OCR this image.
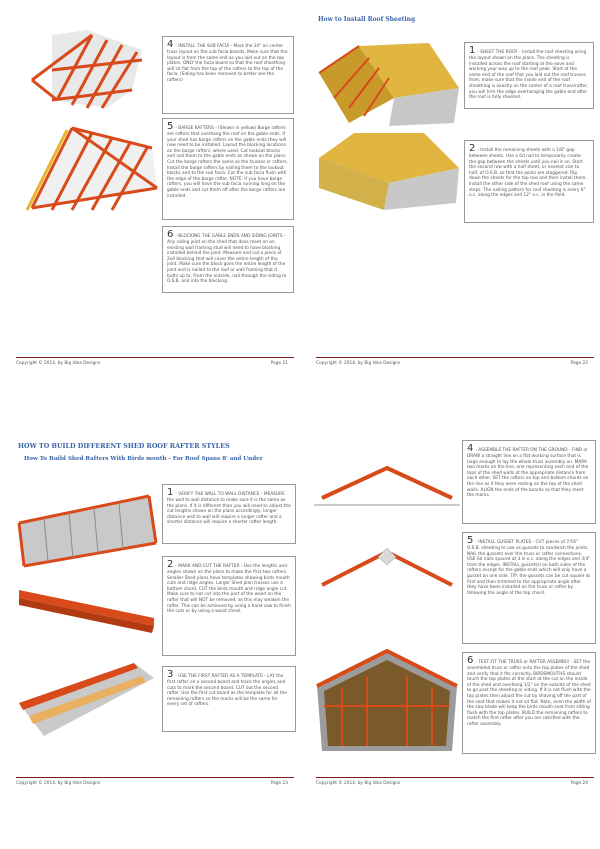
4 - INSTALL THE SUB FACIA - Mark the 24" on center truss layout on the sub facia boards. Make sure that the layout is from the same end as you laid out on the top plates. ONLY the facia board so that the roof sheathing will sit flat from the top of the rafters to the top of the facia. (Siding has been removed to better see the rafters)
5 - BARGE RAFTERS - (Shown in yellow) Barge rafters are rafters that overhang the roof on the gable ends. If your shed has barge rafters on the gable ends they will now need to be installed. Layout the blocking locations on the barge rafters, where used. Cut lookout blocks and nail them to the gable ends as shown on the plans. Cut the barge rafters the same as the trusses or rafters. Install the barge rafters by nailing them to the lookout blocks and to the sub facia. Cut the sub facia flush with the edge of the barge rafter. NOTE: If you have barge rafters, you will have the sub facia running long on the gable ends and cut them off after the barge rafters are installed.
6 - BLOCKING THE GABLE ENDS AND SIDING JOINTS - Any siding joint on the shed that does meet on an existing wall framing stud will need to have blocking installed behind the joint. Measure and cut a piece of 2x4 blocking that will cover the entire length of the joint. Make sure the block goes the entire length of the joint and is nailed to the roof or wall framing that it butts up to. From the outside, nail through the siding to O.S.B. and into the blocking.
Copyright © 2014, by Big Idea Designs	Page 21
How to Install Roof Sheeting
1 - SHEET THE ROOF - Install the roof sheeting using the layout shown on the plans. The sheeting is installed across the roof starting at the eave and working your way up to the roof peak. Start at the same end of the roof that you laid out the roof trusses from, make sure that the inside end of the roof sheathing is exactly on the center of a roof truss/rafter, you will trim the edge overhanging the gable end after the roof is fully sheeted.
2 - Install the remaining sheets with a 1/8" gap between sheets. Use a 6d nail to temporarily create the gap between the sheets until you nail it on. Start the second row with a half sheet, or nearest size to half, of O.S.B. so that the joints are staggered. Rip down the sheets for the top row and then install them. Install the other side of the shed roof using the same steps. The nailing pattern for roof sheeting is every 6" o.c. along the edges and 12" o.c. in the field.
Copyright © 2014, by Big Idea Designs	Page 22
HOW TO BUILD DIFFERENT SHED ROOF RAFTER STYLES
How To Build Shed Rafters With Birds mouth - For Roof Spans 8' and Under
1 - VERIFY THE WALL TO WALL DISTANCE - MEASURE the wall to wall distance to make sure it is the same as the plans. If it is different than you will need to adjust the cut lengths shown on the plans accordingly, longer distance wall to wall will require a longer rafter and a shorter distance will require a shorter rafter length.
2 - MARK AND CUT THE RAFTER - Use the lengths and angles shown on the plans to make the first two rafters. Smaller Shed plans have templates showing birds mouth cuts and ridge angles. Larger Shed plan trusses use a bottom chord. CUT the birds mouth and ridge angle cut. Make sure to not cut into the part of the wood on the rafter that will NOT be removed, as this may weaken the rafter. This can be achieved by using a hand saw to finish the cuts or by using a wood chisel.
3 - USE THE FIRST RAFTER AS A TEMPLATE - LAY the first rafter on a second board and trace the angles and cuts to mark the second board. CUT out the second rafter. Use the first cut board as the template for all the remaining rafters so the marks will be the same for every set of rafters.
Copyright © 2014, by Big Idea Designs	Page 23
4 - ASSEMBLE THE RAFTER ON THE GROUND - FIND or DRAW a straight line on a flat working surface that is large enough to lay the whole truss assembly on. MARK two marks on the line, one representing each end of the tops of the shed walls at the appropriate distance from each other. SET the rafters on top and bottom chords on the line as if they were resting on the top of the shed walls. ALIGN the ends of the boards so that they meet the marks.
5 - INSTALL GUSSET PLATES - CUT pieces of 7/16" O.S.B. sheeting to use as gussets to sandwich the joints. NAIL the gussets over the truss or rafter connections. USE 6d nails spaced at 3 in o.c. along the edges and 3/4" from the edges. INSTALL gusset(s) on both sides of the rafters except for the gable ends which will only have a gusset on one side. TIP: the gussets can be cut square at first and then trimmed to the appropriate angle after they have been installed on the truss or rafter by following the angle of the top chord.
6 - TEST FIT THE TRUSS or RAFTER ASSEMBLY - SET the assembled truss or rafter onto the top plates of the shed and verify that it fits correctly. BIRDSMOUTHS should touch the top plates at the start at the cut on the inside of the shed and overhang 1/2" on the outside of the shed to go past the sheeting or siding. If it is not flush with the top plates then adjust the cut by shaving off the part of the seat that makes it not sit flat. Note, even the width of the saw blade will keep the birds mouth seat from sitting flush with the top plates. BUILD the remaining rafters to match the first rafter after you are satisfied with the rafter assembly.
Copyright © 2014, by Big Idea Designs	Page 24
